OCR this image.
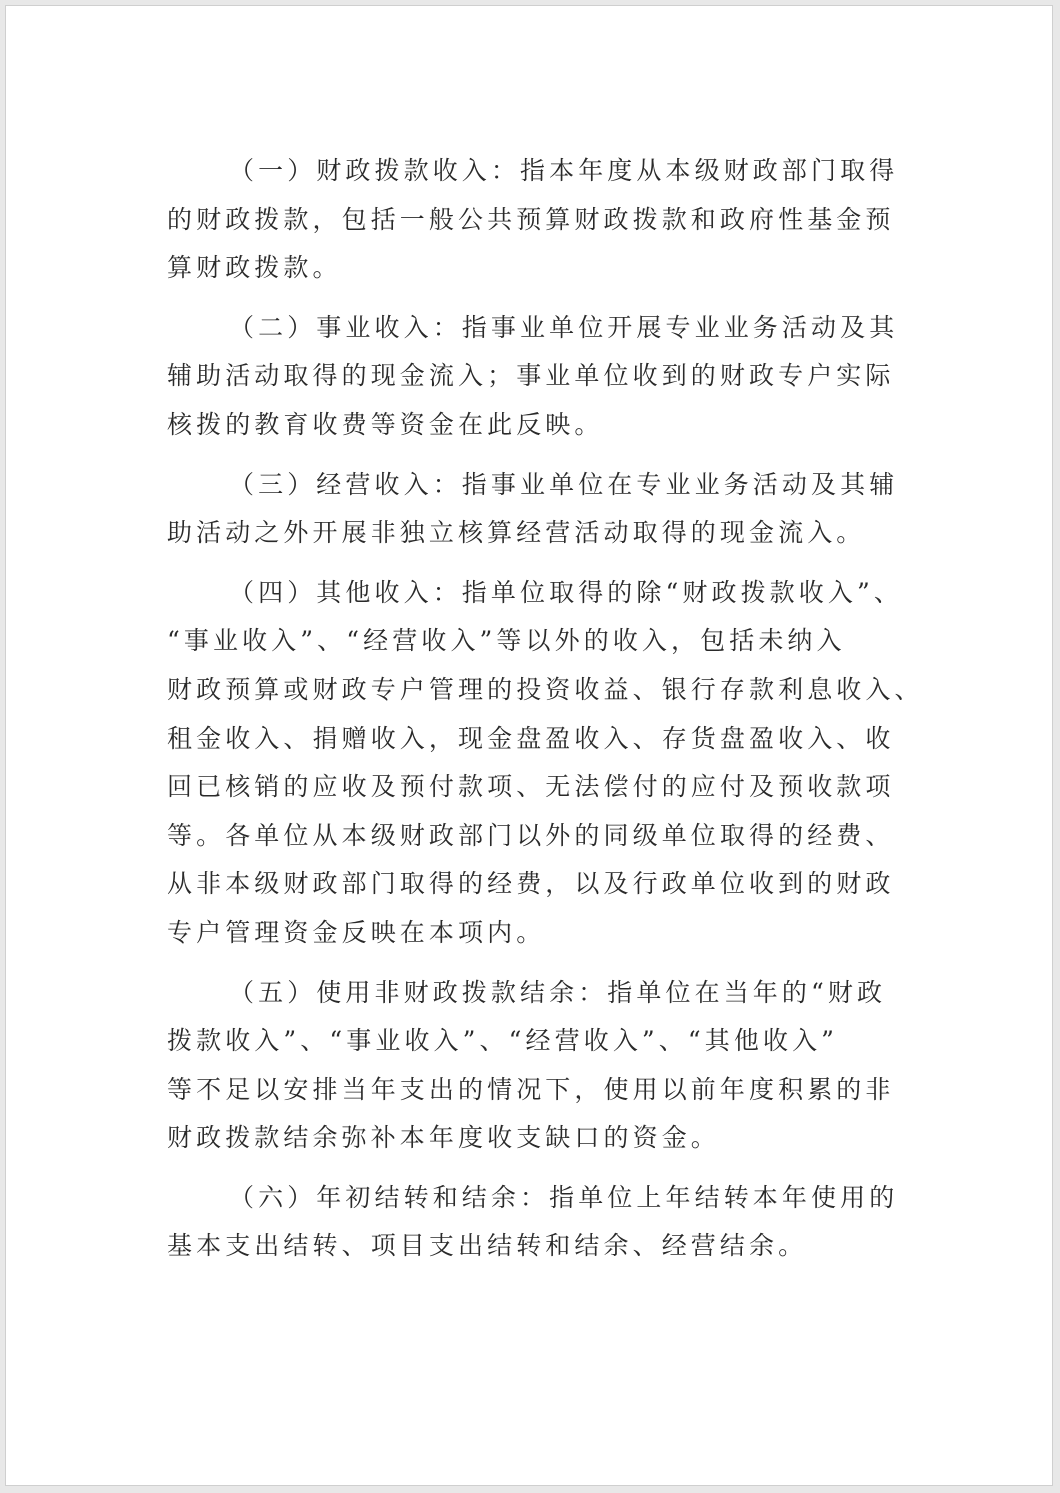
（一）财政拨款收入：指本年度从本级财政部门取得
的财政拨款，包括一般公共预算财政拨款和政府性基金预
算财政拨款。
（二）事业收入：指事业单位开展专业业务活动及其
辅助活动取得的现金流入；事业单位收到的财政专户实际
核拨的教育收费等资金在此反映。
（三）经营收入：指事业单位在专业业务活动及其辅
助活动之外开展非独立核算经营活动取得的现金流入。
（四）其他收入：指单位取得的除“财政拨款收入”、
“事业收入”、“经营收入”等以外的收入，包括未纳入
财政预算或财政专户管理的投资收益、银行存款利息收入、
租金收入、捐赠收入，现金盘盈收入、存货盘盈收入、收
回已核销的应收及预付款项、无法偿付的应付及预收款项
等。各单位从本级财政部门以外的同级单位取得的经费、
从非本级财政部门取得的经费，以及行政单位收到的财政
专户管理资金反映在本项内。
（五）使用非财政拨款结余：指单位在当年的“财政
拨款收入”、“事业收入”、“经营收入”、“其他收入”
等不足以安排当年支出的情况下，使用以前年度积累的非
财政拨款结余弥补本年度收支缺口的资金。
（六）年初结转和结余：指单位上年结转本年使用的
基本支出结转、项目支出结转和结余、经营结余。
